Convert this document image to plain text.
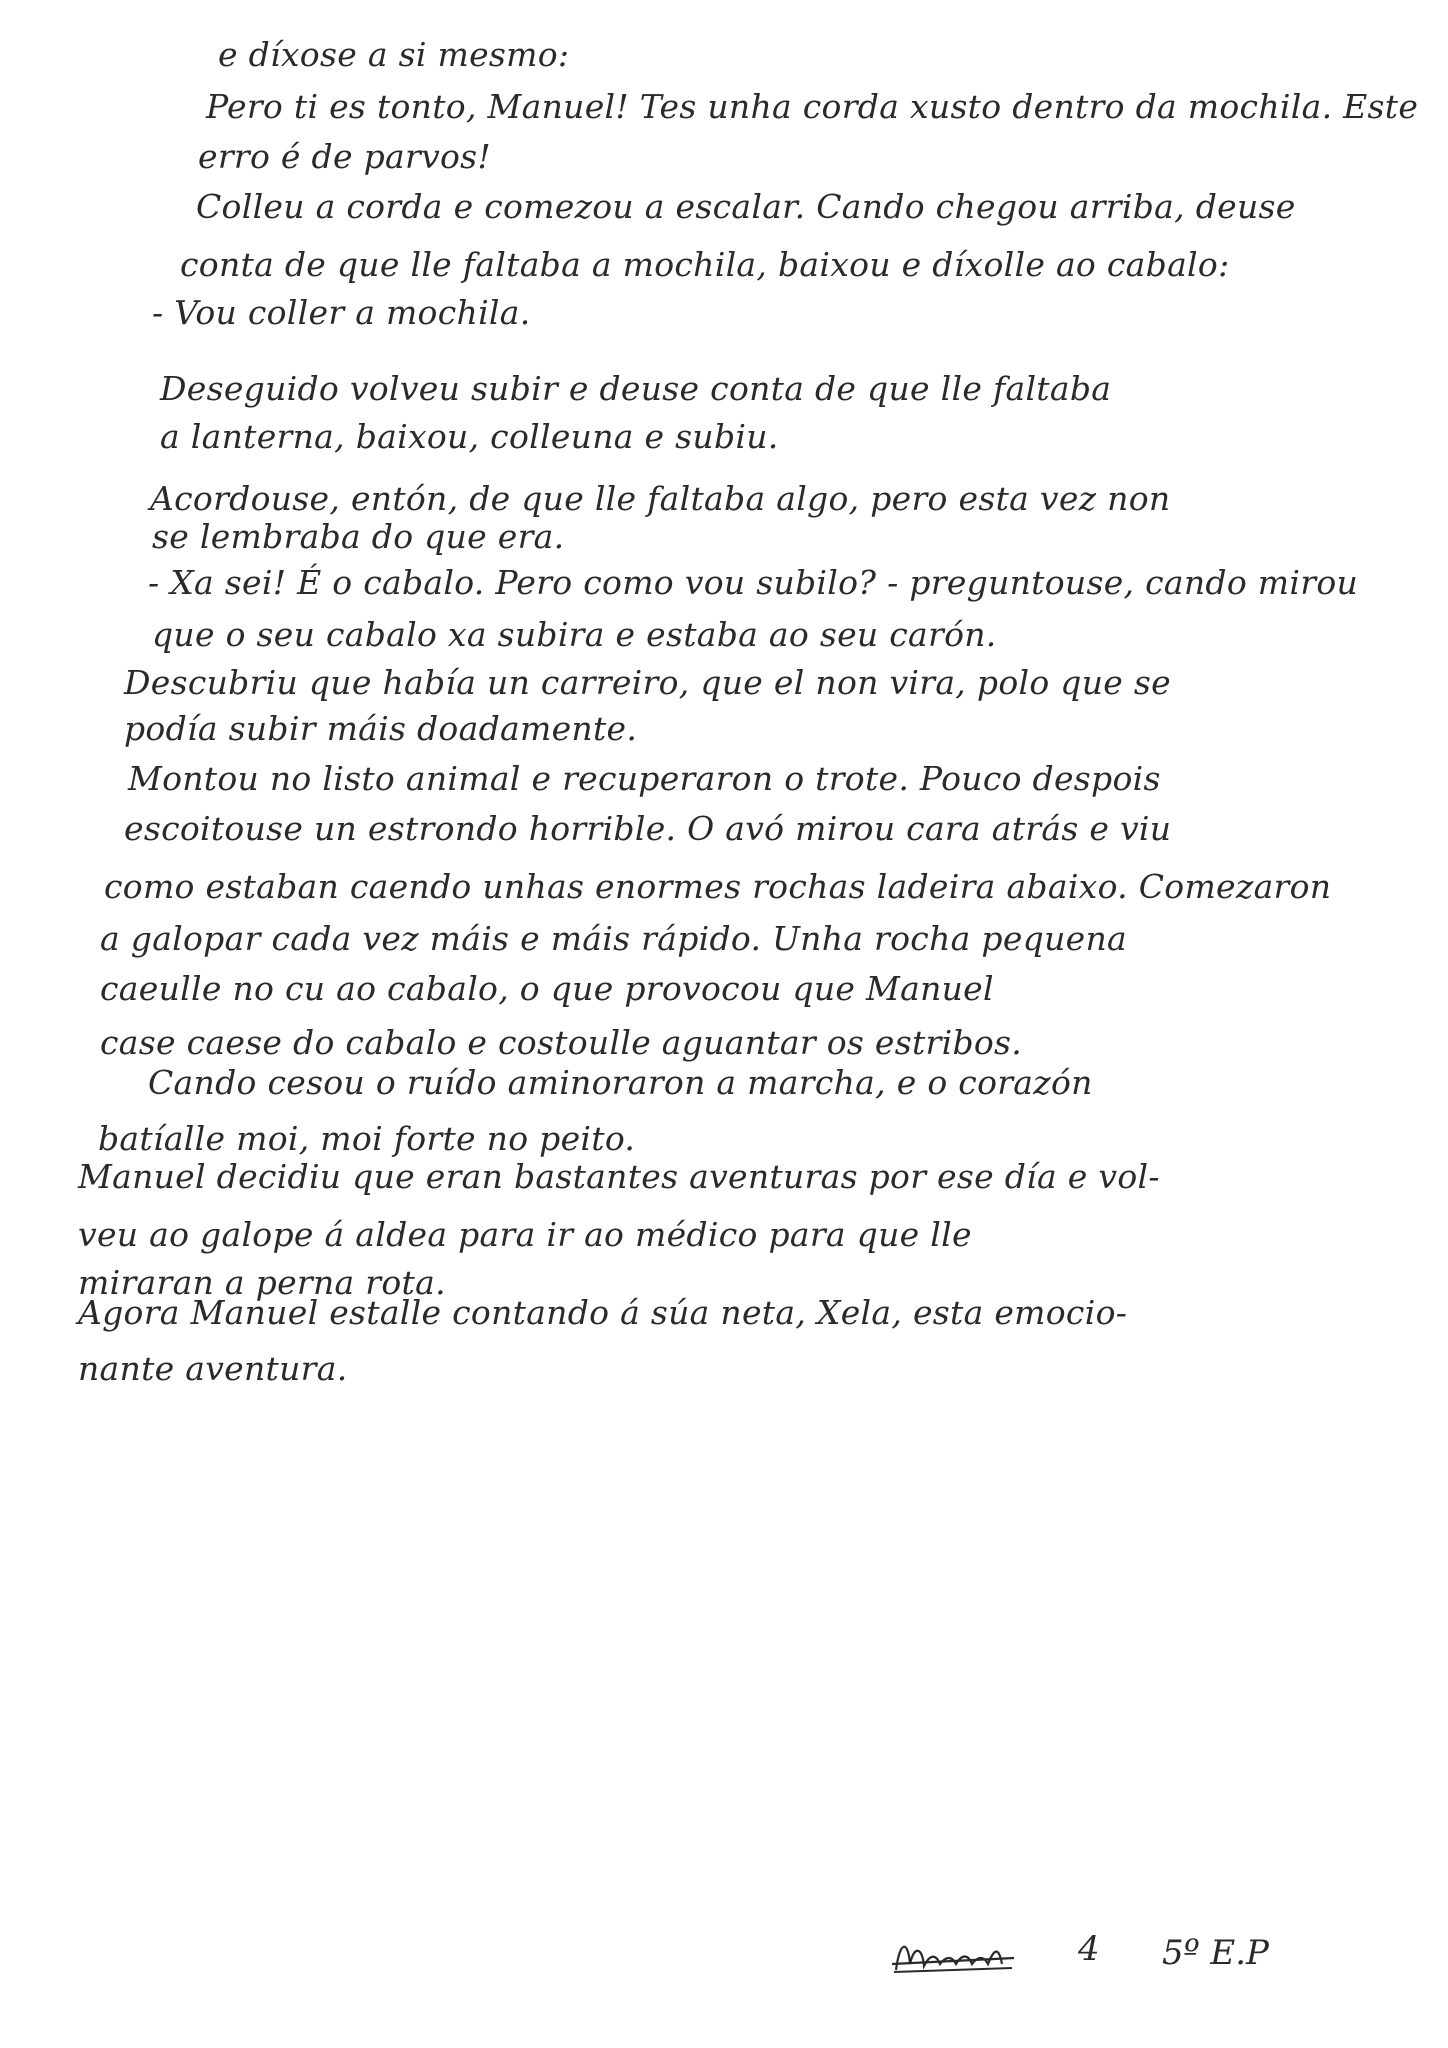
e díxose a si mesmo:
Pero ti es tonto, Manuel! Tes unha corda xusto dentro da mochila. Este
erro é de parvos!
Colleu a corda e comezou a escalar. Cando chegou arriba, deuse
conta de que lle faltaba a mochila, baixou e díxolle ao cabalo:
- Vou coller a mochila.
Deseguido volveu subir e deuse conta de que lle faltaba
a lanterna, baixou, colleuna e subiu.
Acordouse, entón, de que lle faltaba algo, pero esta vez non
se lembraba do que era.
- Xa sei! É o cabalo. Pero como vou subilo? - preguntouse, cando mirou
que o seu cabalo xa subira e estaba ao seu carón.
Descubriu que había un carreiro, que el non vira, polo que se
podía subir máis doadamente.
Montou no listo animal e recuperaron o trote. Pouco despois
escoitouse un estrondo horrible. O avó mirou cara atrás e viu
como estaban caendo unhas enormes rochas ladeira abaixo. Comezaron
a galopar cada vez máis e máis rápido. Unha rocha pequena
caeulle no cu ao cabalo, o que provocou que Manuel
case caese do cabalo e costoulle aguantar os estribos.
Cando cesou o ruído aminoraron a marcha, e o corazón
batíalle moi, moi forte no peito.
Manuel decidiu que eran bastantes aventuras por ese día e vol-
veu ao galope á aldea para ir ao médico para que lle
miraran a perna rota.
Agora Manuel estalle contando á súa neta, Xela, esta emocio-
nante aventura.
4 5º E.P
